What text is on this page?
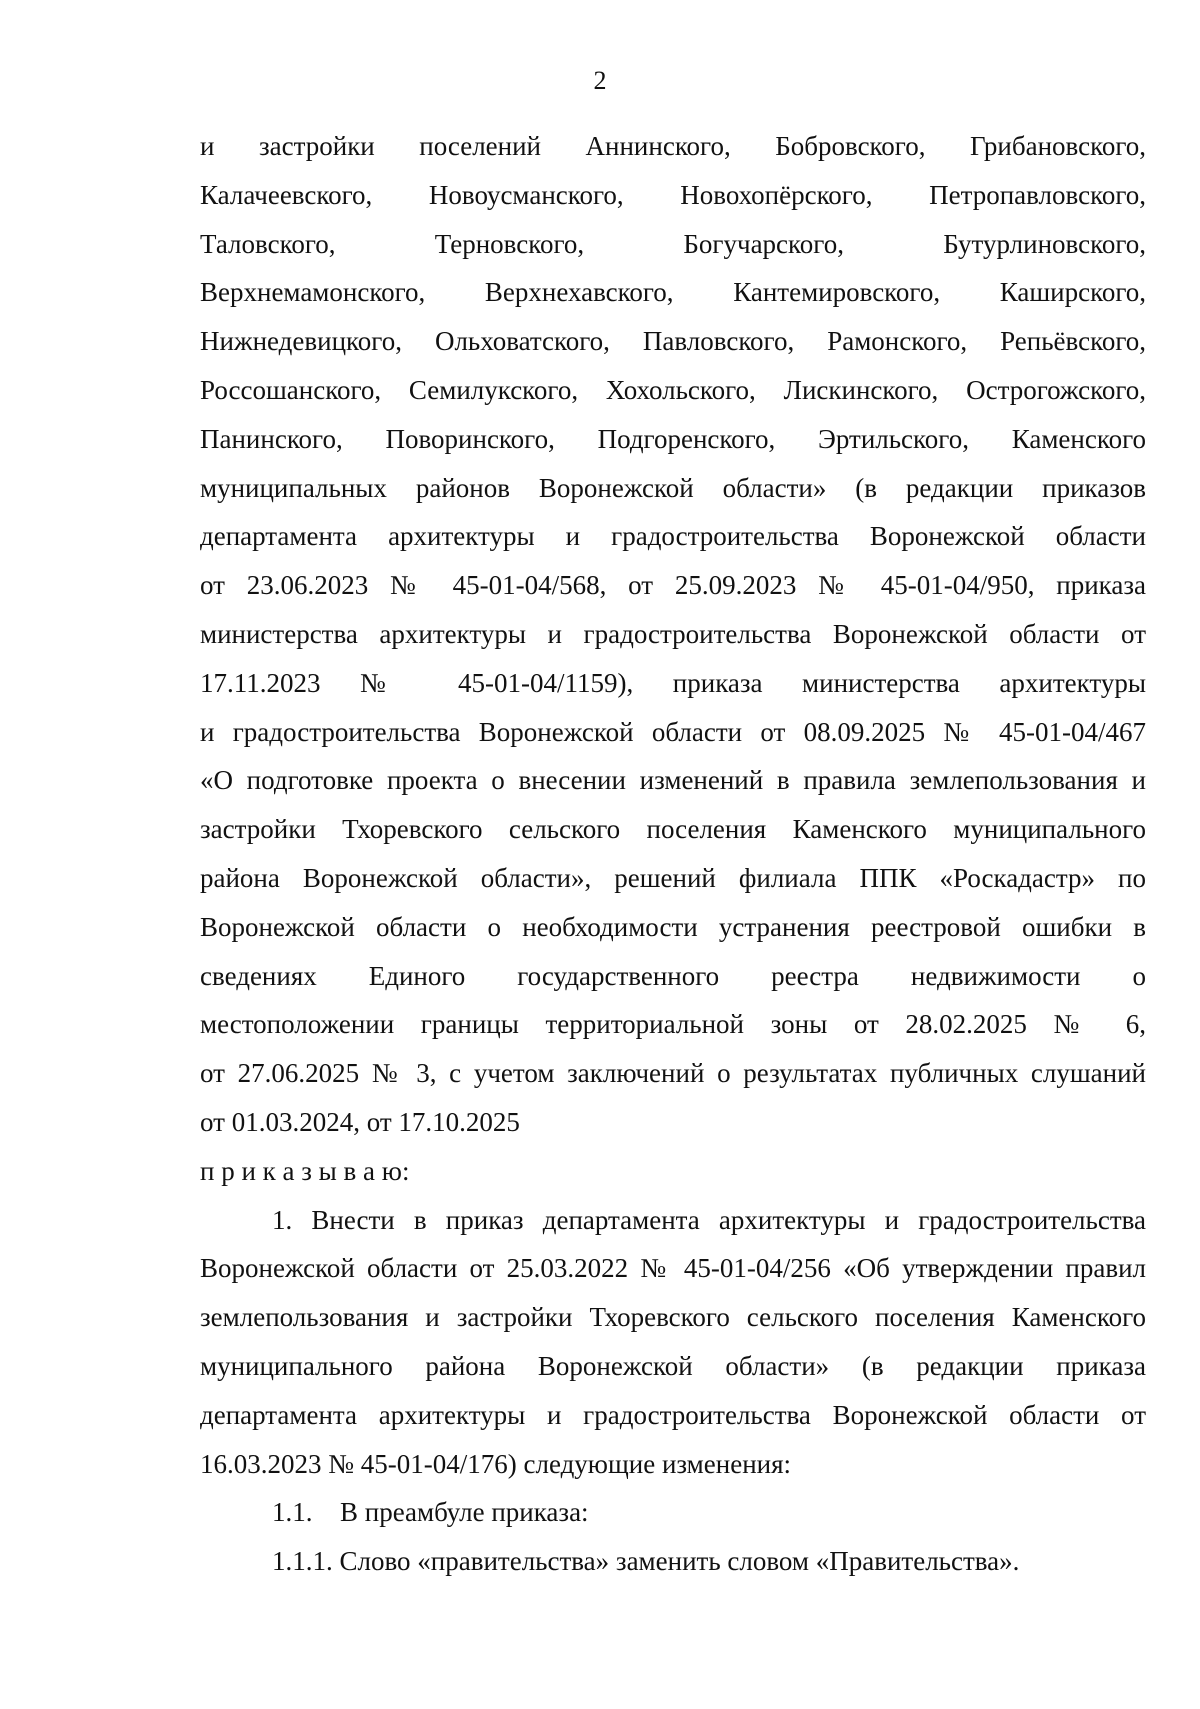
2

и застройки поселений Аннинского, Бобровского, Грибановского,
Калачеевского, Новоусманского, Новохопёрского, Петропавловского,
Таловского, Терновского, Богучарского, Бутурлиновского,
Верхнемамонского, Верхнехавского, Кантемировского, Каширского,
Нижнедевицкого, Ольховатского, Павловского, Рамонского, Репьёвского,
Россошанского, Семилукского, Хохольского, Лискинского, Острогожского,
Панинского, Поворинского, Подгоренского, Эртильского, Каменского
муниципальных районов Воронежской области» (в редакции приказов
департамента архитектуры и градостроительства Воронежской области
от 23.06.2023 № 45-01-04/568, от 25.09.2023 № 45-01-04/950, приказа
министерства архитектуры и градостроительства Воронежской области от
17.11.2023 № 45-01-04/1159), приказа министерства архитектуры
и градостроительства Воронежской области от 08.09.2025 № 45-01-04/467
«О подготовке проекта о внесении изменений в правила землепользования и
застройки Тхоревского сельского поселения Каменского муниципального
района Воронежской области», решений филиала ППК «Роскадастр» по
Воронежской области о необходимости устранения реестровой ошибки в
сведениях Единого государственного реестра недвижимости о
местоположении границы территориальной зоны от 28.02.2025 № 6,
от 27.06.2025 № 3, с учетом заключений о результатах публичных слушаний
от 01.03.2024, от 17.10.2025

п р и к а з ы в а ю:

1. Внести в приказ департамента архитектуры и градостроительства
Воронежской области от 25.03.2022 № 45-01-04/256 «Об утверждении правил
землепользования и застройки Тхоревского сельского поселения Каменского
муниципального района Воронежской области» (в редакции приказа
департамента архитектуры и градостроительства Воронежской области от
16.03.2023 № 45-01-04/176) следующие изменения:

1.1. В преамбуле приказа:

1.1.1. Слово «правительства» заменить словом «Правительства».
